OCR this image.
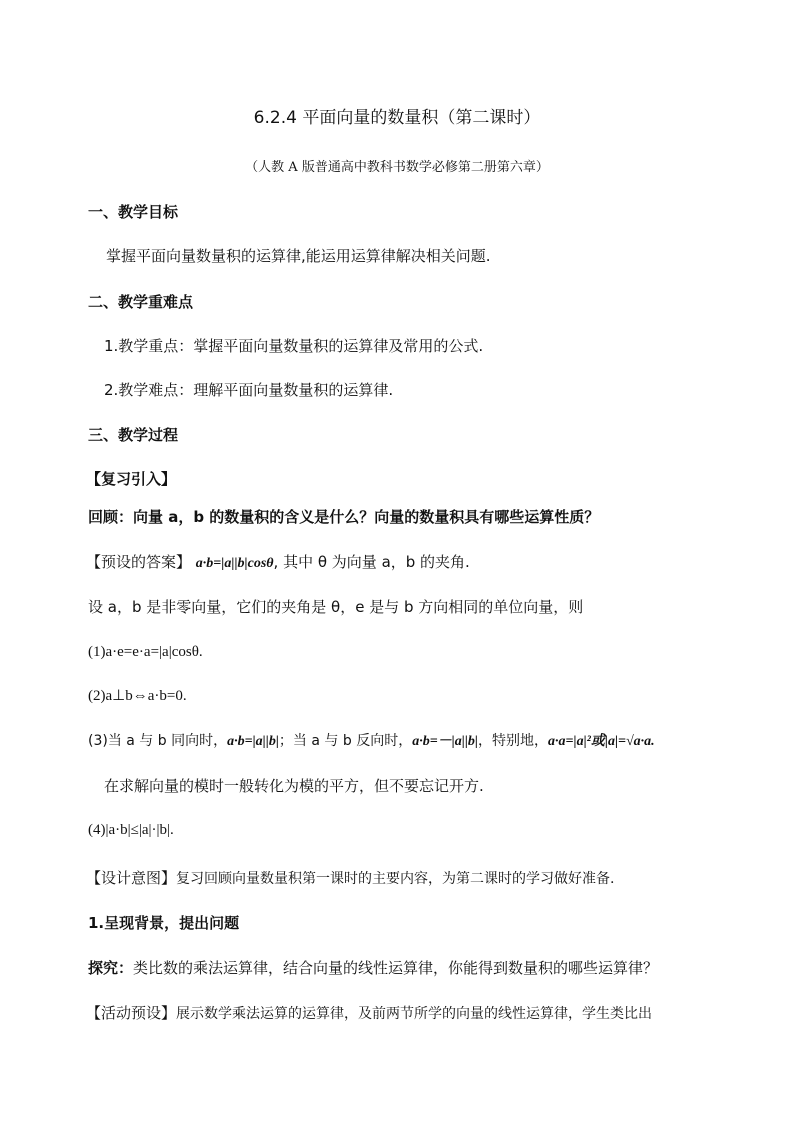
6.2.4 平面向量的数量积（第二课时）
（人教 A 版普通高中教科书数学必修第二册第六章）
一、教学目标
掌握平面向量数量积的运算律,能运用运算律解决相关问题.
二、教学重难点
1.教学重点：掌握平面向量数量积的运算律及常用的公式.
2.教学难点：理解平面向量数量积的运算律.
三、教学过程
【复习引入】
回顾：向量 a，b 的数量积的含义是什么？向量的数量积具有哪些运算性质？
【预设的答案】 a·b=|a||b|cosθ, 其中 θ 为向量 a，b 的夹角.
设 a，b 是非零向量，它们的夹角是 θ，e 是与 b 方向相同的单位向量，则
(1)a·e=e·a=|a|cosθ.
(2)a⊥b⇔a·b=0.
(3)当 a 与 b 同向时，a·b=|a||b|；当 a 与 b 反向时，a·b=－|a||b|，特别地，a·a=|a|²或|a|=√a·a.
在求解向量的模时一般转化为模的平方，但不要忘记开方.
(4)|a·b|≤|a|·|b|.
【设计意图】复习回顾向量数量积第一课时的主要内容，为第二课时的学习做好准备.
1.呈现背景，提出问题
探究：类比数的乘法运算律，结合向量的线性运算律，你能得到数量积的哪些运算律？
【活动预设】展示数学乘法运算的运算律，及前两节所学的向量的线性运算律，学生类比出
